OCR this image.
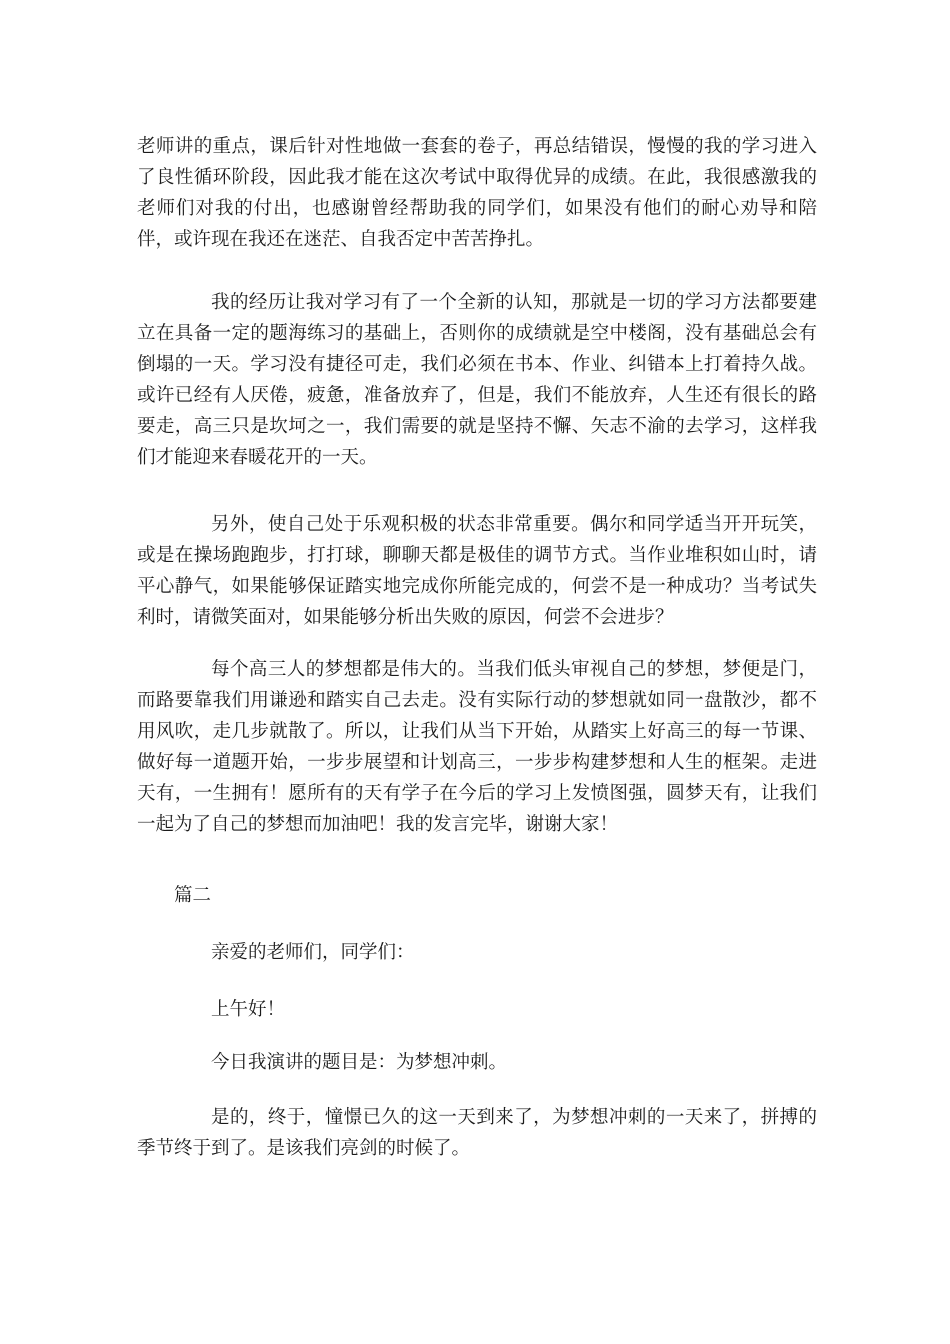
老师讲的重点，课后针对性地做一套套的卷子，再总结错误，慢慢的我的学习进入了良性循环阶段，因此我才能在这次考试中取得优异的成绩。在此，我很感激我的老师们对我的付出，也感谢曾经帮助我的同学们，如果没有他们的耐心劝导和陪伴，或许现在我还在迷茫、自我否定中苦苦挣扎。

我的经历让我对学习有了一个全新的认知，那就是一切的学习方法都要建立在具备一定的题海练习的基础上，否则你的成绩就是空中楼阁，没有基础总会有倒塌的一天。学习没有捷径可走，我们必须在书本、作业、纠错本上打着持久战。或许已经有人厌倦，疲惫，准备放弃了，但是，我们不能放弃，人生还有很长的路要走，高三只是坎坷之一，我们需要的就是坚持不懈、矢志不渝的去学习，这样我们才能迎来春暖花开的一天。

另外，使自己处于乐观积极的状态非常重要。偶尔和同学适当开开玩笑，或是在操场跑跑步，打打球，聊聊天都是极佳的调节方式。当作业堆积如山时，请平心静气，如果能够保证踏实地完成你所能完成的，何尝不是一种成功？当考试失利时，请微笑面对，如果能够分析出失败的原因，何尝不会进步？

每个高三人的梦想都是伟大的。当我们低头审视自己的梦想，梦便是门，而路要靠我们用谦逊和踏实自己去走。没有实际行动的梦想就如同一盘散沙，都不用风吹，走几步就散了。所以，让我们从当下开始，从踏实上好高三的每一节课、做好每一道题开始，一步步展望和计划高三，一步步构建梦想和人生的框架。走进天有，一生拥有！愿所有的天有学子在今后的学习上发愤图强，圆梦天有，让我们一起为了自己的梦想而加油吧！我的发言完毕，谢谢大家！

篇二

亲爱的老师们，同学们：

上午好！

今日我演讲的题目是：为梦想冲刺。

是的，终于，憧憬已久的这一天到来了，为梦想冲刺的一天来了，拼搏的季节终于到了。是该我们亮剑的时候了。
